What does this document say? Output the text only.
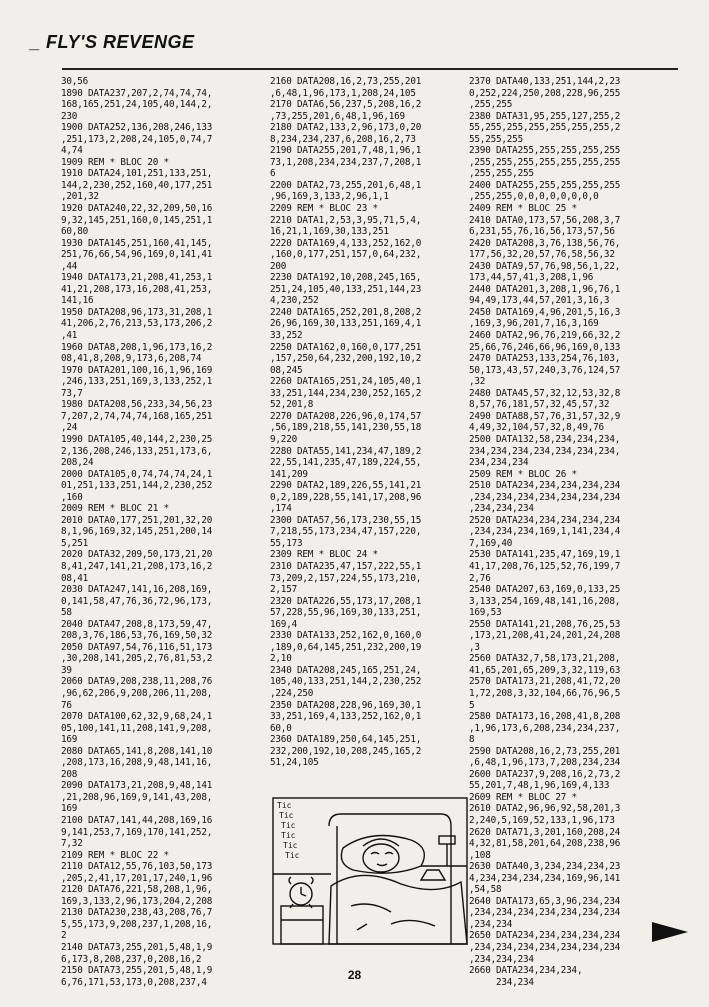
_ FLY'S REVENGE
30,56
1890 DATA237,207,2,74,74,74,
168,165,251,24,105,40,144,2,
230
1900 DATA252,136,208,246,133
,251,173,2,208,24,105,0,74,7
4,74
1909 REM * BLOC 20 *
1910 DATA24,101,251,133,251,
144,2,230,252,160,40,177,251
,201,32
1920 DATA240,22,32,209,50,16
9,32,145,251,160,0,145,251,1
60,80
1930 DATA145,251,160,41,145,
251,76,66,54,96,169,0,141,41
,44
1940 DATA173,21,208,41,253,1
41,21,208,173,16,208,41,253,
141,16
1950 DATA208,96,173,31,208,1
41,206,2,76,213,53,173,206,2
,41
1960 DATA8,208,1,96,173,16,2
08,41,8,208,9,173,6,208,74
1970 DATA201,100,16,1,96,169
,246,133,251,169,3,133,252,1
73,7
1980 DATA208,56,233,34,56,23
7,207,2,74,74,74,168,165,251
,24
1990 DATA105,40,144,2,230,25
2,136,208,246,133,251,173,6,
208,24
2000 DATA105,0,74,74,74,24,1
01,251,133,251,144,2,230,252
,160
2009 REM * BLOC 21 *
2010 DATA0,177,251,201,32,20
8,1,96,169,32,145,251,200,14
5,251
2020 DATA32,209,50,173,21,20
8,41,247,141,21,208,173,16,2
08,41
2030 DATA247,141,16,208,169,
0,141,58,47,76,36,72,96,173,
58
2040 DATA47,208,8,173,59,47,
208,3,76,186,53,76,169,50,32
2050 DATA97,54,76,116,51,173
,30,208,141,205,2,76,81,53,2
39
2060 DATA9,208,238,11,208,76
,96,62,206,9,208,206,11,208,
76
2070 DATA100,62,32,9,68,24,1
05,100,141,11,208,141,9,208,
169
2080 DATA65,141,8,208,141,10
,208,173,16,208,9,48,141,16,
208
2090 DATA173,21,208,9,48,141
,21,208,96,169,9,141,43,208,
169
2100 DATA7,141,44,208,169,16
9,141,253,7,169,170,141,252,
7,32
2109 REM * BLOC 22 *
2110 DATA12,55,76,103,50,173
,205,2,41,17,201,17,240,1,96
2120 DATA76,221,58,208,1,96,
169,3,133,2,96,173,204,2,208
2130 DATA230,238,43,208,76,7
5,55,173,9,208,237,1,208,16,
2
2140 DATA73,255,201,5,48,1,9
6,173,8,208,237,0,208,16,2
2150 DATA73,255,201,5,48,1,9
6,76,171,53,173,0,208,237,4
2160 DATA208,16,2,73,255,201
,6,48,1,96,173,1,208,24,105
2170 DATA6,56,237,5,208,16,2
,73,255,201,6,48,1,96,169
2180 DATA2,133,2,96,173,0,20
8,234,234,237,6,208,16,2,73
2190 DATA255,201,7,48,1,96,1
73,1,208,234,234,237,7,208,1
6
2200 DATA2,73,255,201,6,48,1
,96,169,3,133,2,96,1,1
2209 REM * BLOC 23 *
2210 DATA1,2,53,3,95,71,5,4,
16,21,1,169,30,133,251
2220 DATA169,4,133,252,162,0
,160,0,177,251,157,0,64,232,
200
2230 DATA192,10,208,245,165,
251,24,105,40,133,251,144,23
4,230,252
2240 DATA165,252,201,8,208,2
26,96,169,30,133,251,169,4,1
33,252
2250 DATA162,0,160,0,177,251
,157,250,64,232,200,192,10,2
08,245
2260 DATA165,251,24,105,40,1
33,251,144,234,230,252,165,2
52,201,8
2270 DATA208,226,96,0,174,57
,56,189,218,55,141,230,55,18
9,220
2280 DATA55,141,234,47,189,2
22,55,141,235,47,189,224,55,
141,209
2290 DATA2,189,226,55,141,21
0,2,189,228,55,141,17,208,96
,174
2300 DATA57,56,173,230,55,15
7,218,55,173,234,47,157,220,
55,173
2309 REM * BLOC 24 *
2310 DATA235,47,157,222,55,1
73,209,2,157,224,55,173,210,
2,157
2320 DATA226,55,173,17,208,1
57,228,55,96,169,30,133,251,
169,4
2330 DATA133,252,162,0,160,0
,189,0,64,145,251,232,200,19
2,10
2340 DATA208,245,165,251,24,
105,40,133,251,144,2,230,252
,224,250
2350 DATA208,228,96,169,30,1
33,251,169,4,133,252,162,0,1
60,0
2360 DATA189,250,64,145,251,
232,200,192,10,208,245,165,2
51,24,105
2370 DATA40,133,251,144,2,23
0,252,224,250,208,228,96,255
,255,255
2380 DATA31,95,255,127,255,2
55,255,255,255,255,255,255,2
55,255,255
2390 DATA255,255,255,255,255
,255,255,255,255,255,255,255
,255,255,255
2400 DATA255,255,255,255,255
,255,255,0,0,0,0,0,0,0,0
2409 REM * BLOC 25 *
2410 DATA0,173,57,56,208,3,7
6,231,55,76,16,56,173,57,56
2420 DATA208,3,76,138,56,76,
177,56,32,20,57,76,58,56,32
2430 DATA9,57,76,98,56,1,22,
173,44,57,41,3,208,1,96
2440 DATA201,3,208,1,96,76,1
94,49,173,44,57,201,3,16,3
2450 DATA169,4,96,201,5,16,3
,169,3,96,201,7,16,3,169
2460 DATA2,96,76,219,66,32,2
25,66,76,246,66,96,169,0,133
2470 DATA253,133,254,76,103,
50,173,43,57,240,3,76,124,57
,32
2480 DATA45,57,32,12,53,32,8
8,57,76,181,57,32,45,57,32
2490 DATA88,57,76,31,57,32,9
4,49,32,104,57,32,8,49,76
2500 DATA132,58,234,234,234,
234,234,234,234,234,234,234,
234,234,234
2509 REM * BLOC 26 *
2510 DATA234,234,234,234,234
,234,234,234,234,234,234,234
,234,234,234
2520 DATA234,234,234,234,234
,234,234,234,169,1,141,234,4
7,169,40
2530 DATA141,235,47,169,19,1
41,17,208,76,125,52,76,199,7
2,76
2540 DATA207,63,169,0,133,25
3,133,254,169,48,141,16,208,
169,53
2550 DATA141,21,208,76,25,53
,173,21,208,41,24,201,24,208
,3
2560 DATA32,7,58,173,21,208,
41,65,201,65,209,3,32,119,63
2570 DATA173,21,208,41,72,20
1,72,208,3,32,104,66,76,96,5
5
2580 DATA173,16,208,41,8,208
,1,96,173,6,208,234,234,237,
8
2590 DATA208,16,2,73,255,201
,6,48,1,96,173,7,208,234,234
2600 DATA237,9,208,16,2,73,2
55,201,7,48,1,96,169,4,133
2609 REM * BLOC 27 *
2610 DATA2,96,96,92,58,201,3
2,240,5,169,52,133,1,96,173
2620 DATA71,3,201,160,208,24
4,32,81,58,201,64,208,238,96
,108
2630 DATA40,3,234,234,234,23
4,234,234,234,234,169,96,141
,54,58
2640 DATA173,65,3,96,234,234
,234,234,234,234,234,234,234
,234,234
2650 DATA234,234,234,234,234
,234,234,234,234,234,234,234
,234,234,234
2660 DATA234,234,234,
234,234
Tic
Tic
Tic
Tic
Tic
Tic
28
